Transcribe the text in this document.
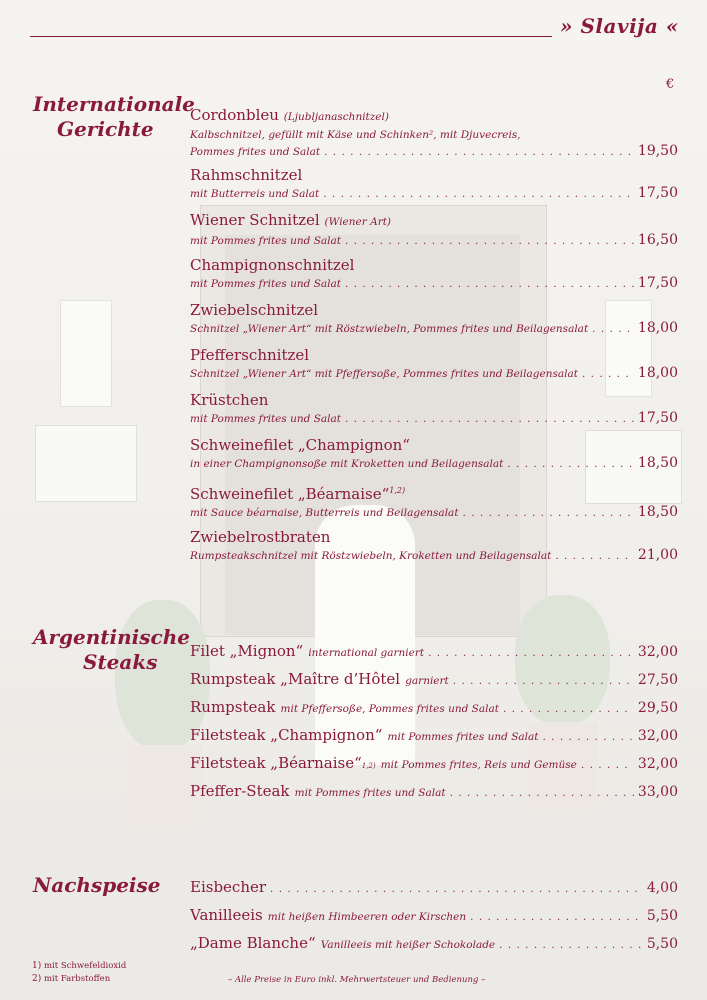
» Slavija «
€
Internationale
Gerichte
Cordonbleu (Ljubljanaschnitzel)
Kalbschnitzel, gefüllt mit Käse und Schinken², mit Djuvecreis,
Pommes frites und Salat . . .	19,50
Rahmschnitzel
mit Butterreis und Salat . . .	17,50
Wiener Schnitzel (Wiener Art)
mit Pommes frites und Salat . . .	16,50
Champignonschnitzel
mit Pommes frites und Salat . . .	17,50
Zwiebelschnitzel
Schnitzel „Wiener Art“ mit Röstzwiebeln, Pommes frites und Beilagensalat . . .	18,00
Pfefferschnitzel
Schnitzel „Wiener Art“ mit Pfeffersoße, Pommes frites und Beilagensalat . . .	18,00
Krüstchen
mit Pommes frites und Salat . . .	17,50
Schweinefilet „Champignon“
in einer Champignonsoße mit Kroketten und Beilagensalat . . .	18,50
Schweinefilet „Béarnaise“$^{1,2)}$
mit Sauce béarnaise, Butterreis und Beilagensalat . . .	18,50
Zwiebelrostbraten
Rumpsteakschnitzel mit Röstzwiebeln, Kroketten und Beilagensalat . . .	21,00
Argentinische
Steaks	Filet „Mignon“
international garniert . . .	32,00
Rumpsteak „Maître d’Hôtel
garniert . . .	27,50
Rumpsteak
mit Pfeffersoße, Pommes frites und Salat . . .	29,50
Filetsteak „Champignon“
mit Pommes frites und Salat . . .	32,00
Filetsteak „Béarnaise“ 1,2)
mit Pommes frites, Reis und Gemüse . . .	32,00
Pfeffer-Steak
mit Pommes frites und Salat . . .	33,00
Nachspeise Eisbecher . . .	4,00
Vanilleeis
mit heißen Himbeeren oder Kirschen . . .	5,50
„Dame Blanche“
Vanilleeis mit heißer Schokolade . . .	5,50
1) mit Schwefeldioxid
2) mit Farbstoffen	– Alle Preise in Euro inkl. Mehrwertsteuer und Bedienung –
